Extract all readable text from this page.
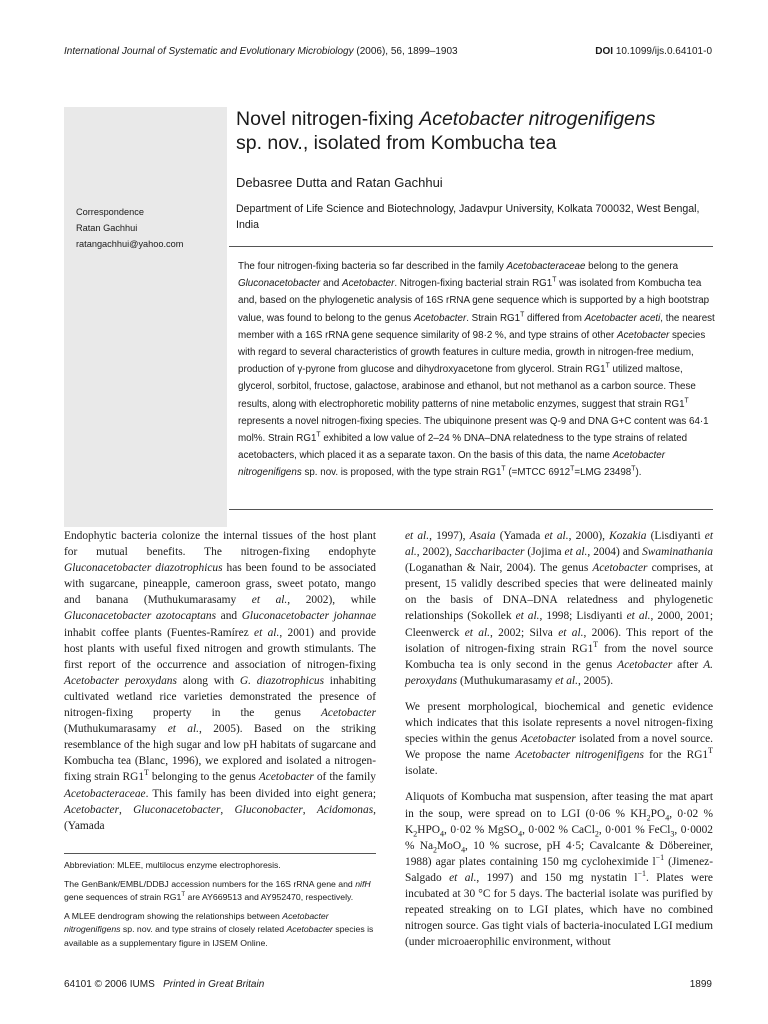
International Journal of Systematic and Evolutionary Microbiology (2006), 56, 1899–1903	DOI 10.1099/ijs.0.64101-0
Novel nitrogen-fixing Acetobacter nitrogenifigens
sp. nov., isolated from Kombucha tea
Debasree Dutta and Ratan Gachhui
Department of Life Science and Biotechnology, Jadavpur University, Kolkata 700032, West Bengal, India
Correspondence
Ratan Gachhui
ratangachhui@yahoo.com
The four nitrogen-fixing bacteria so far described in the family Acetobacteraceae belong to the genera Gluconacetobacter and Acetobacter. Nitrogen-fixing bacterial strain $RG1^T$ was isolated from Kombucha tea and, based on the phylogenetic analysis of 16S rRNA gene sequence which is supported by a high bootstrap value, was found to belong to the genus Acetobacter. Strain $RG1^T$ differed from Acetobacter aceti, the nearest member with a 16S rRNA gene sequence similarity of 98·2 %, and type strains of other Acetobacter species with regard to several characteristics of growth features in culture media, growth in nitrogen-free medium, production of γ-pyrone from glucose and dihydroxyacetone from glycerol. Strain $RG1^T$ utilized maltose, glycerol, sorbitol, fructose, galactose, arabinose and ethanol, but not methanol as a carbon source. These results, along with electrophoretic mobility patterns of nine metabolic enzymes, suggest that strain $RG1^T$ represents a novel nitrogen-fixing species. The ubiquinone present was Q-9 and DNA G+C content was 64·1 mol%. Strain $RG1^T$ exhibited a low value of 2–24 % DNA–DNA relatedness to the type strains of related acetobacters, which placed it as a separate taxon. On the basis of this data, the name Acetobacter nitrogenifigens sp. nov. is proposed, with the type strain $RG1^T$ (=MTCC $6912^T=LMG$ $23498^T$).

Endophytic bacteria colonize the internal tissues of the host plant for mutual benefits. The nitrogen-fixing endophyte Gluconacetobacter diazotrophicus has been found to be associated with sugarcane, pineapple, cameroon grass, sweet potato, mango and banana (Muthukumarasamy et al., 2002), while Gluconacetobacter azotocaptans and Gluconacetobacter johannae inhabit coffee plants (Fuentes-Ramírez et al., 2001) and provide host plants with useful fixed nitrogen and growth stimulants. The first report of the occurrence and association of nitrogen-fixing Acetobacter peroxydans along with G. diazotrophicus inhabiting cultivated wetland rice varieties demonstrated the presence of nitrogen-fixing property in the genus Acetobacter (Muthukumarasamy et al., 2005). Based on the striking resemblance of the high sugar and low pH habitats of sugarcane and Kombucha tea (Blanc, 1996), we explored and isolated a nitrogen-fixing strain $RG1^T$ belonging to the genus Acetobacter of the family Acetobacteraceae. This family has been divided into eight genera; Acetobacter, Gluconacetobacter, Gluconobacter, Acidomonas, (Yamada

et al., 1997), Asaia (Yamada et al., 2000), Kozakia (Lisdiyanti et al., 2002), Saccharibacter (Jojima et al., 2004) and Swaminathania (Loganathan & Nair, 2004). The genus Acetobacter comprises, at present, 15 validly described species that were delineated mainly on the basis of DNA–DNA relatedness and phylogenetic relationships (Sokollek et al., 1998; Lisdiyanti et al., 2000, 2001; Cleenwerck et al., 2002; Silva et al., 2006). This report of the isolation of nitrogen-fixing strain $RG1^T$ from the novel source Kombucha tea is only second in the genus Acetobacter after A. peroxydans (Muthukumarasamy et al., 2005).

We present morphological, biochemical and genetic evidence which indicates that this isolate represents a novel nitrogen-fixing species within the genus Acetobacter isolated from a novel source. We propose the name Acetobacter nitrogenifigens for the $RG1^T$ isolate.

Aliquots of Kombucha mat suspension, after teasing the mat apart in the soup, were spread on to LGI (0·06 % $KH_2PO_4$, 0·02 % $K_2HPO_4$, 0·02 % MgSO$_4$, 0·002 % CaCl$_2$, 0·001 % FeCl$_3$, 0·0002 % $Na_2MoO_4$, 10 % sucrose, pH 4·5; Cavalcante & Döbereiner, 1988) agar plates containing 150 mg cycloheximide $l^{-1}$ (Jimenez-Salgado et al., 1997) and 150 mg nystatin $l^{-1}$. Plates were incubated at 30 °C for 5 days. The bacterial isolate was purified by repeated streaking on to LGI plates, which have no combined nitrogen source. Gas tight vials of bacteria-inoculated LGI medium (under microaerophilic environment, without

Abbreviation: MLEE, multilocus enzyme electrophoresis.

The GenBank/EMBL/DDBJ accession numbers for the 16S rRNA gene and nifH gene sequences of strain $RG1^T$ are AY669513 and AY952470, respectively.

A MLEE dendrogram showing the relationships between Acetobacter nitrogenifigens sp. nov. and type strains of closely related Acetobacter species is available as a supplementary figure in IJSEM Online.

64101 © 2006 IUMS Printed in Great Britain	1899
